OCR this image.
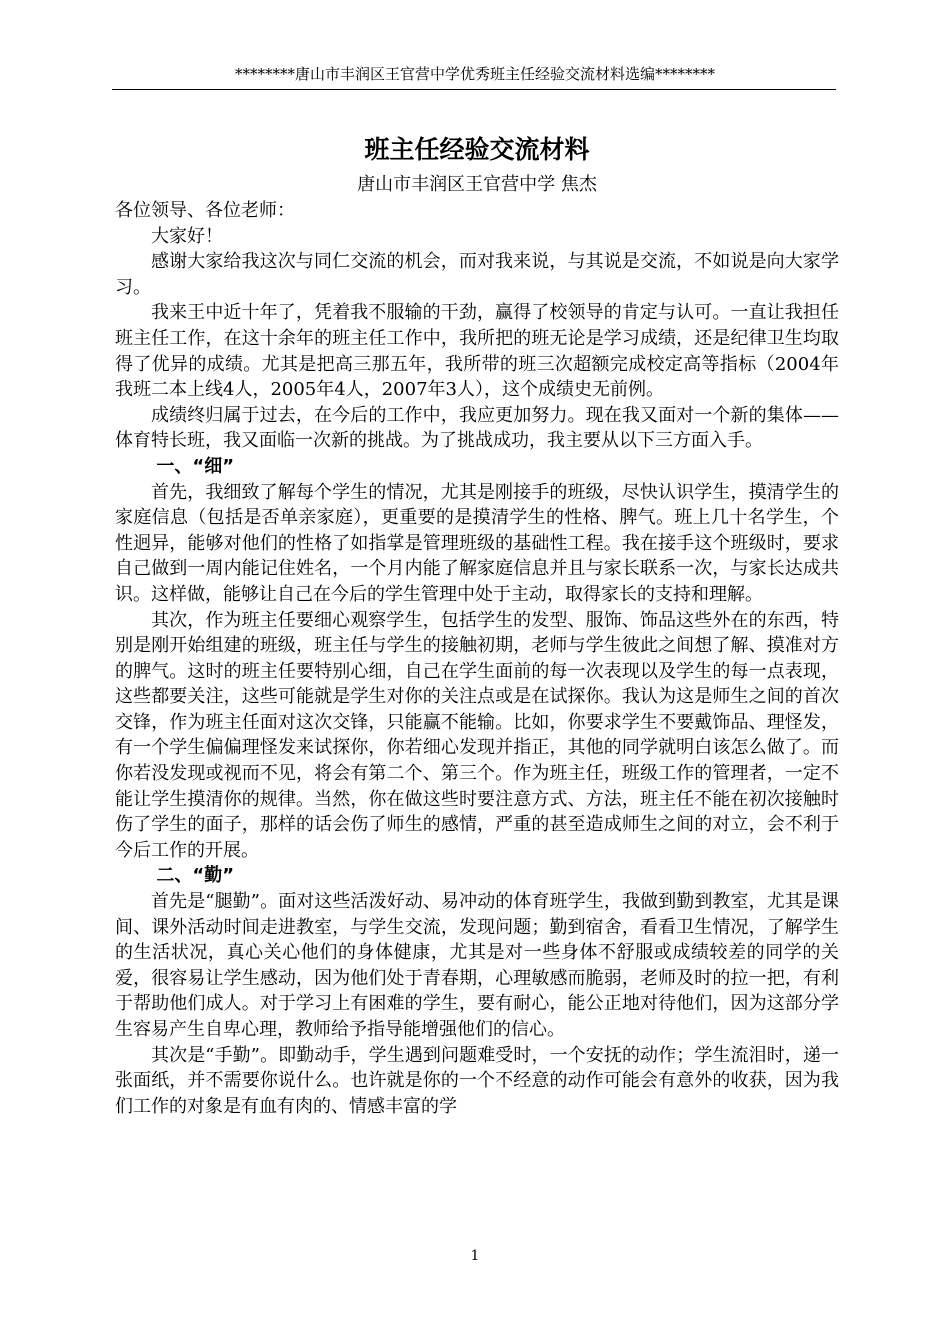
********唐山市丰润区王官营中学优秀班主任经验交流材料选编********
班主任经验交流材料

唐山市丰润区王官营中学 焦杰

各位领导、各位老师：

大家好！

感谢大家给我这次与同仁交流的机会，而对我来说，与其说是交流，不如说是向大家学习。

我来王中近十年了，凭着我不服输的干劲，赢得了校领导的肯定与认可。一直让我担任班主任工作，在这十余年的班主任工作中，我所把的班无论是学习成绩，还是纪律卫生均取得了优异的成绩。尤其是把高三那五年，我所带的班三次超额完成校定高等指标（2004年我班二本上线4人，2005年4人，2007年3人），这个成绩史无前例。

成绩终归属于过去，在今后的工作中，我应更加努力。现在我又面对一个新的集体——体育特长班，我又面临一次新的挑战。为了挑战成功，我主要从以下三方面入手。

一、“细”

首先，我细致了解每个学生的情况，尤其是刚接手的班级，尽快认识学生，摸清学生的家庭信息（包括是否单亲家庭），更重要的是摸清学生的性格、脾气。班上几十名学生，个性迥异，能够对他们的性格了如指掌是管理班级的基础性工程。我在接手这个班级时，要求自己做到一周内能记住姓名，一个月内能了解家庭信息并且与家长联系一次，与家长达成共识。这样做，能够让自己在今后的学生管理中处于主动，取得家长的支持和理解。

其次，作为班主任要细心观察学生，包括学生的发型、服饰、饰品这些外在的东西，特别是刚开始组建的班级，班主任与学生的接触初期，老师与学生彼此之间想了解、摸准对方的脾气。这时的班主任要特别心细，自己在学生面前的每一次表现以及学生的每一点表现，这些都要关注，这些可能就是学生对你的关注点或是在试探你。我认为这是师生之间的首次交锋，作为班主任面对这次交锋，只能赢不能输。比如，你要求学生不要戴饰品、理怪发，有一个学生偏偏理怪发来试探你，你若细心发现并指正，其他的同学就明白该怎么做了。而你若没发现或视而不见，将会有第二个、第三个。作为班主任，班级工作的管理者，一定不能让学生摸清你的规律。当然，你在做这些时要注意方式、方法，班主任不能在初次接触时伤了学生的面子，那样的话会伤了师生的感情，严重的甚至造成师生之间的对立，会不利于今后工作的开展。

二、“勤”

首先是“腿勤”。面对这些活泼好动、易冲动的体育班学生，我做到勤到教室，尤其是课间、课外活动时间走进教室，与学生交流，发现问题；勤到宿舍，看看卫生情况，了解学生的生活状况，真心关心他们的身体健康，尤其是对一些身体不舒服或成绩较差的同学的关爱，很容易让学生感动，因为他们处于青春期，心理敏感而脆弱，老师及时的拉一把，有利于帮助他们成人。对于学习上有困难的学生，要有耐心，能公正地对待他们，因为这部分学生容易产生自卑心理，教师给予指导能增强他们的信心。

其次是“手勤”。即勤动手，学生遇到问题难受时，一个安抚的动作；学生流泪时，递一张面纸，并不需要你说什么。也许就是你的一个不经意的动作可能会有意外的收获，因为我们工作的对象是有血有肉的、情感丰富的学

1
